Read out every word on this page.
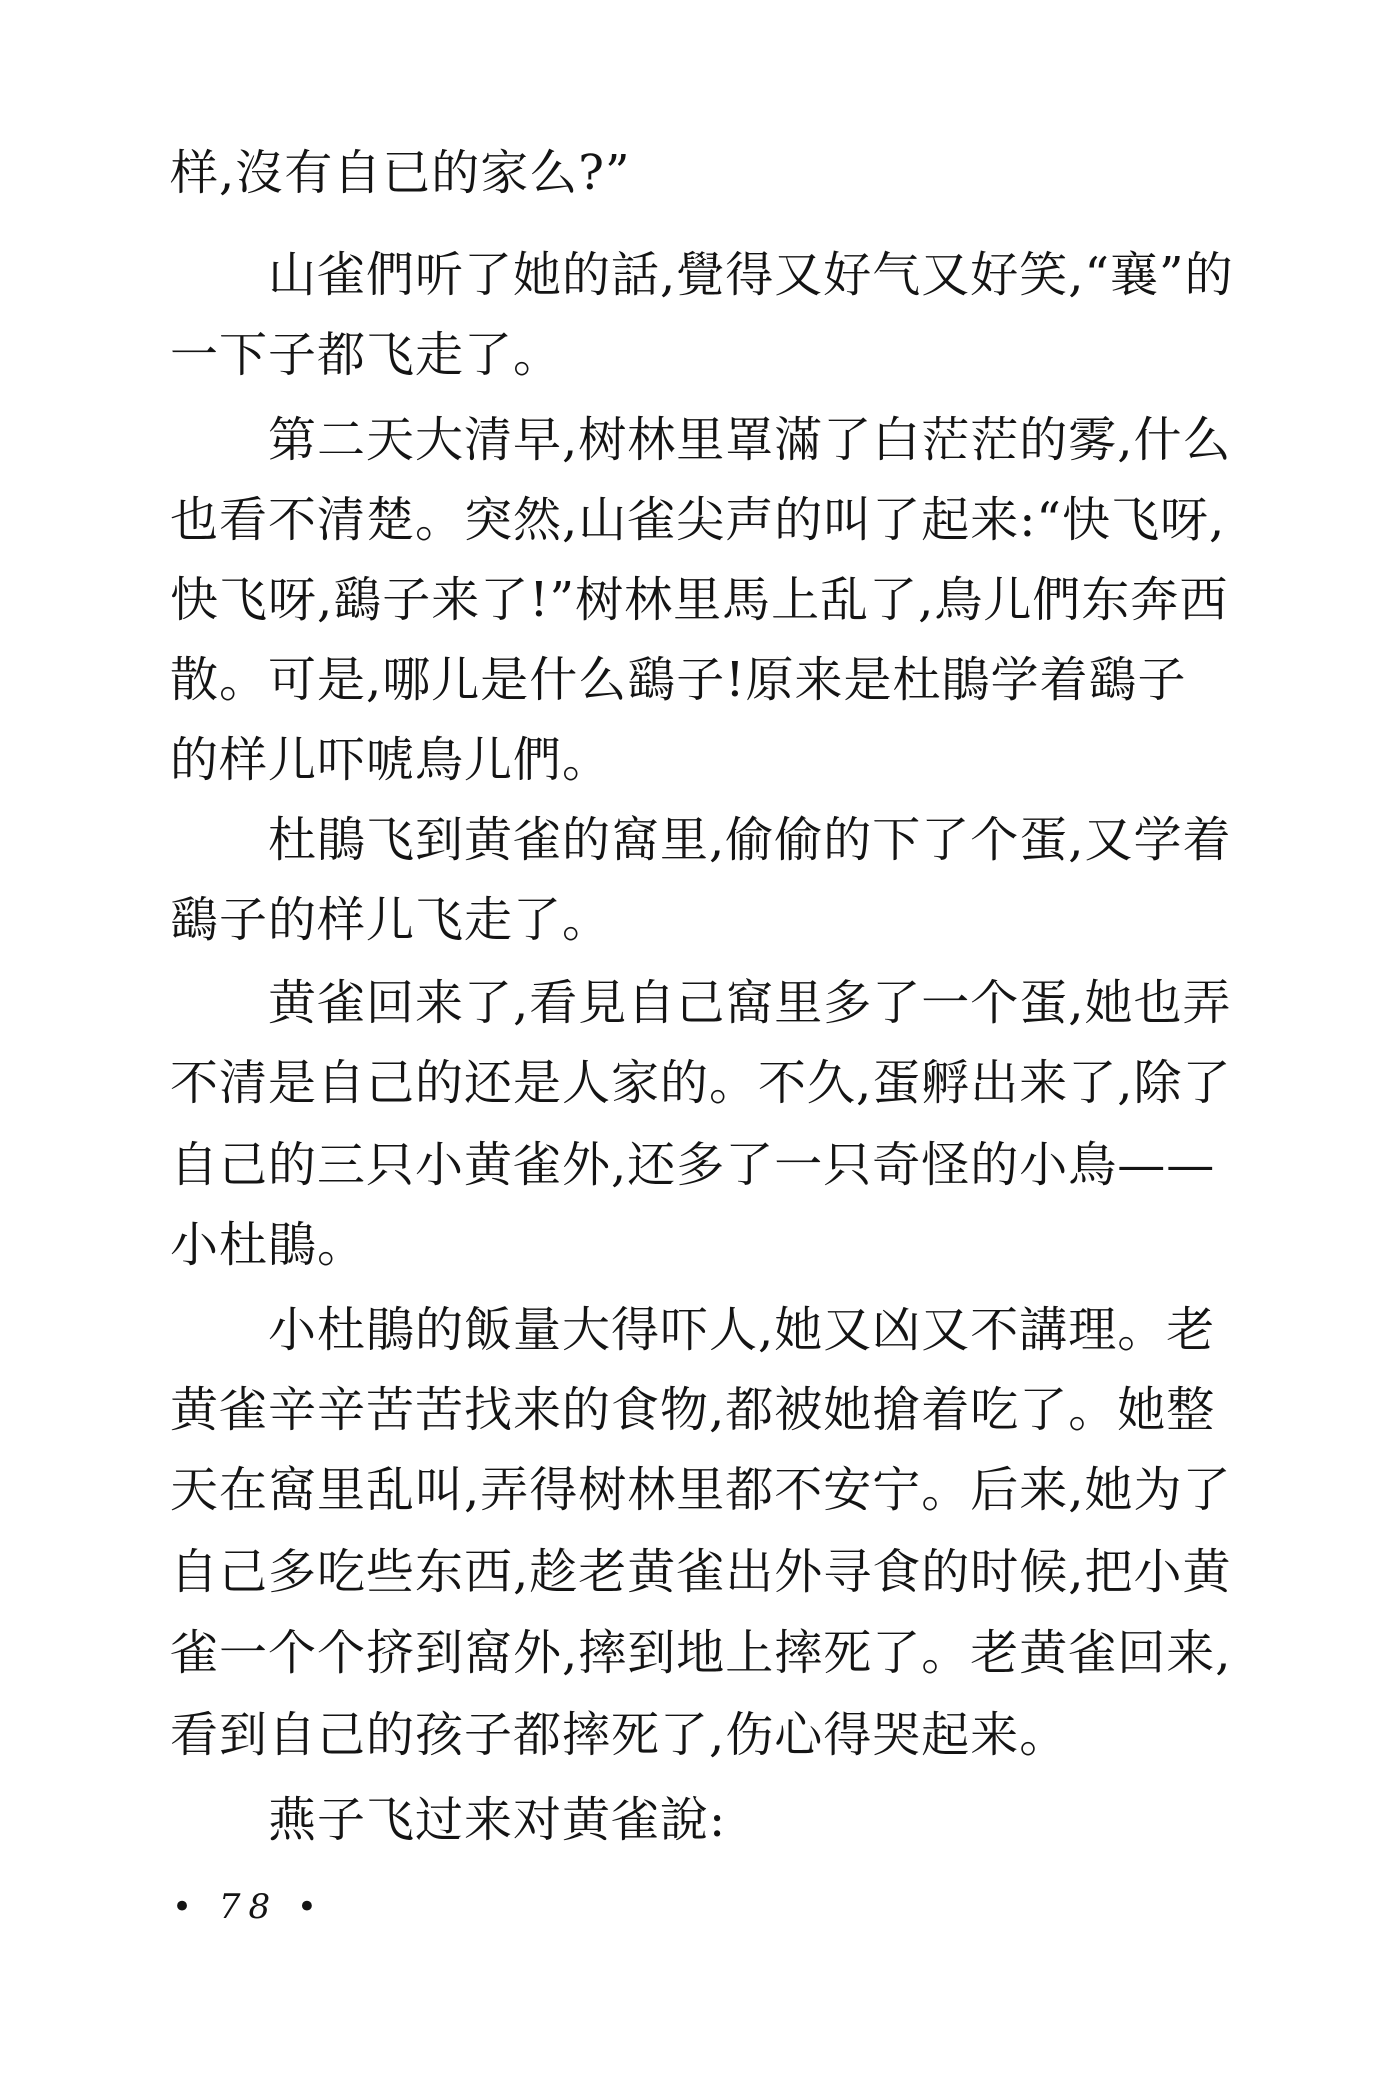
样,沒有自已的家么?”
山雀們听了她的話,覺得又好气又好笑,“襄”的
一下子都飞走了。
第二天大清早,树林里罩滿了白茫茫的雾,什么
也看不清楚。突然,山雀尖声的叫了起来:“快飞呀,
快飞呀,鷂子来了!”树林里馬上乱了,鳥儿們东奔西
散。可是,哪儿是什么鷂子!原来是杜鵑学着鷂子
的样儿吓唬鳥儿們。
杜鵑飞到黄雀的窩里,偷偷的下了个蛋,又学着
鷂子的样儿飞走了。
黄雀回来了,看見自己窩里多了一个蛋,她也弄
不清是自己的还是人家的。不久,蛋孵出来了,除了
自己的三只小黄雀外,还多了一只奇怪的小鳥——
小杜鵑。
小杜鵑的飯量大得吓人,她又凶又不講理。老
黄雀辛辛苦苦找来的食物,都被她搶着吃了。她整
天在窩里乱叫,弄得树林里都不安宁。后来,她为了
自己多吃些东西,趁老黄雀出外寻食的时候,把小黄
雀一个个挤到窩外,摔到地上摔死了。老黄雀回来,
看到自己的孩子都摔死了,伤心得哭起来。
燕子飞过来对黄雀說:
• 78 •
